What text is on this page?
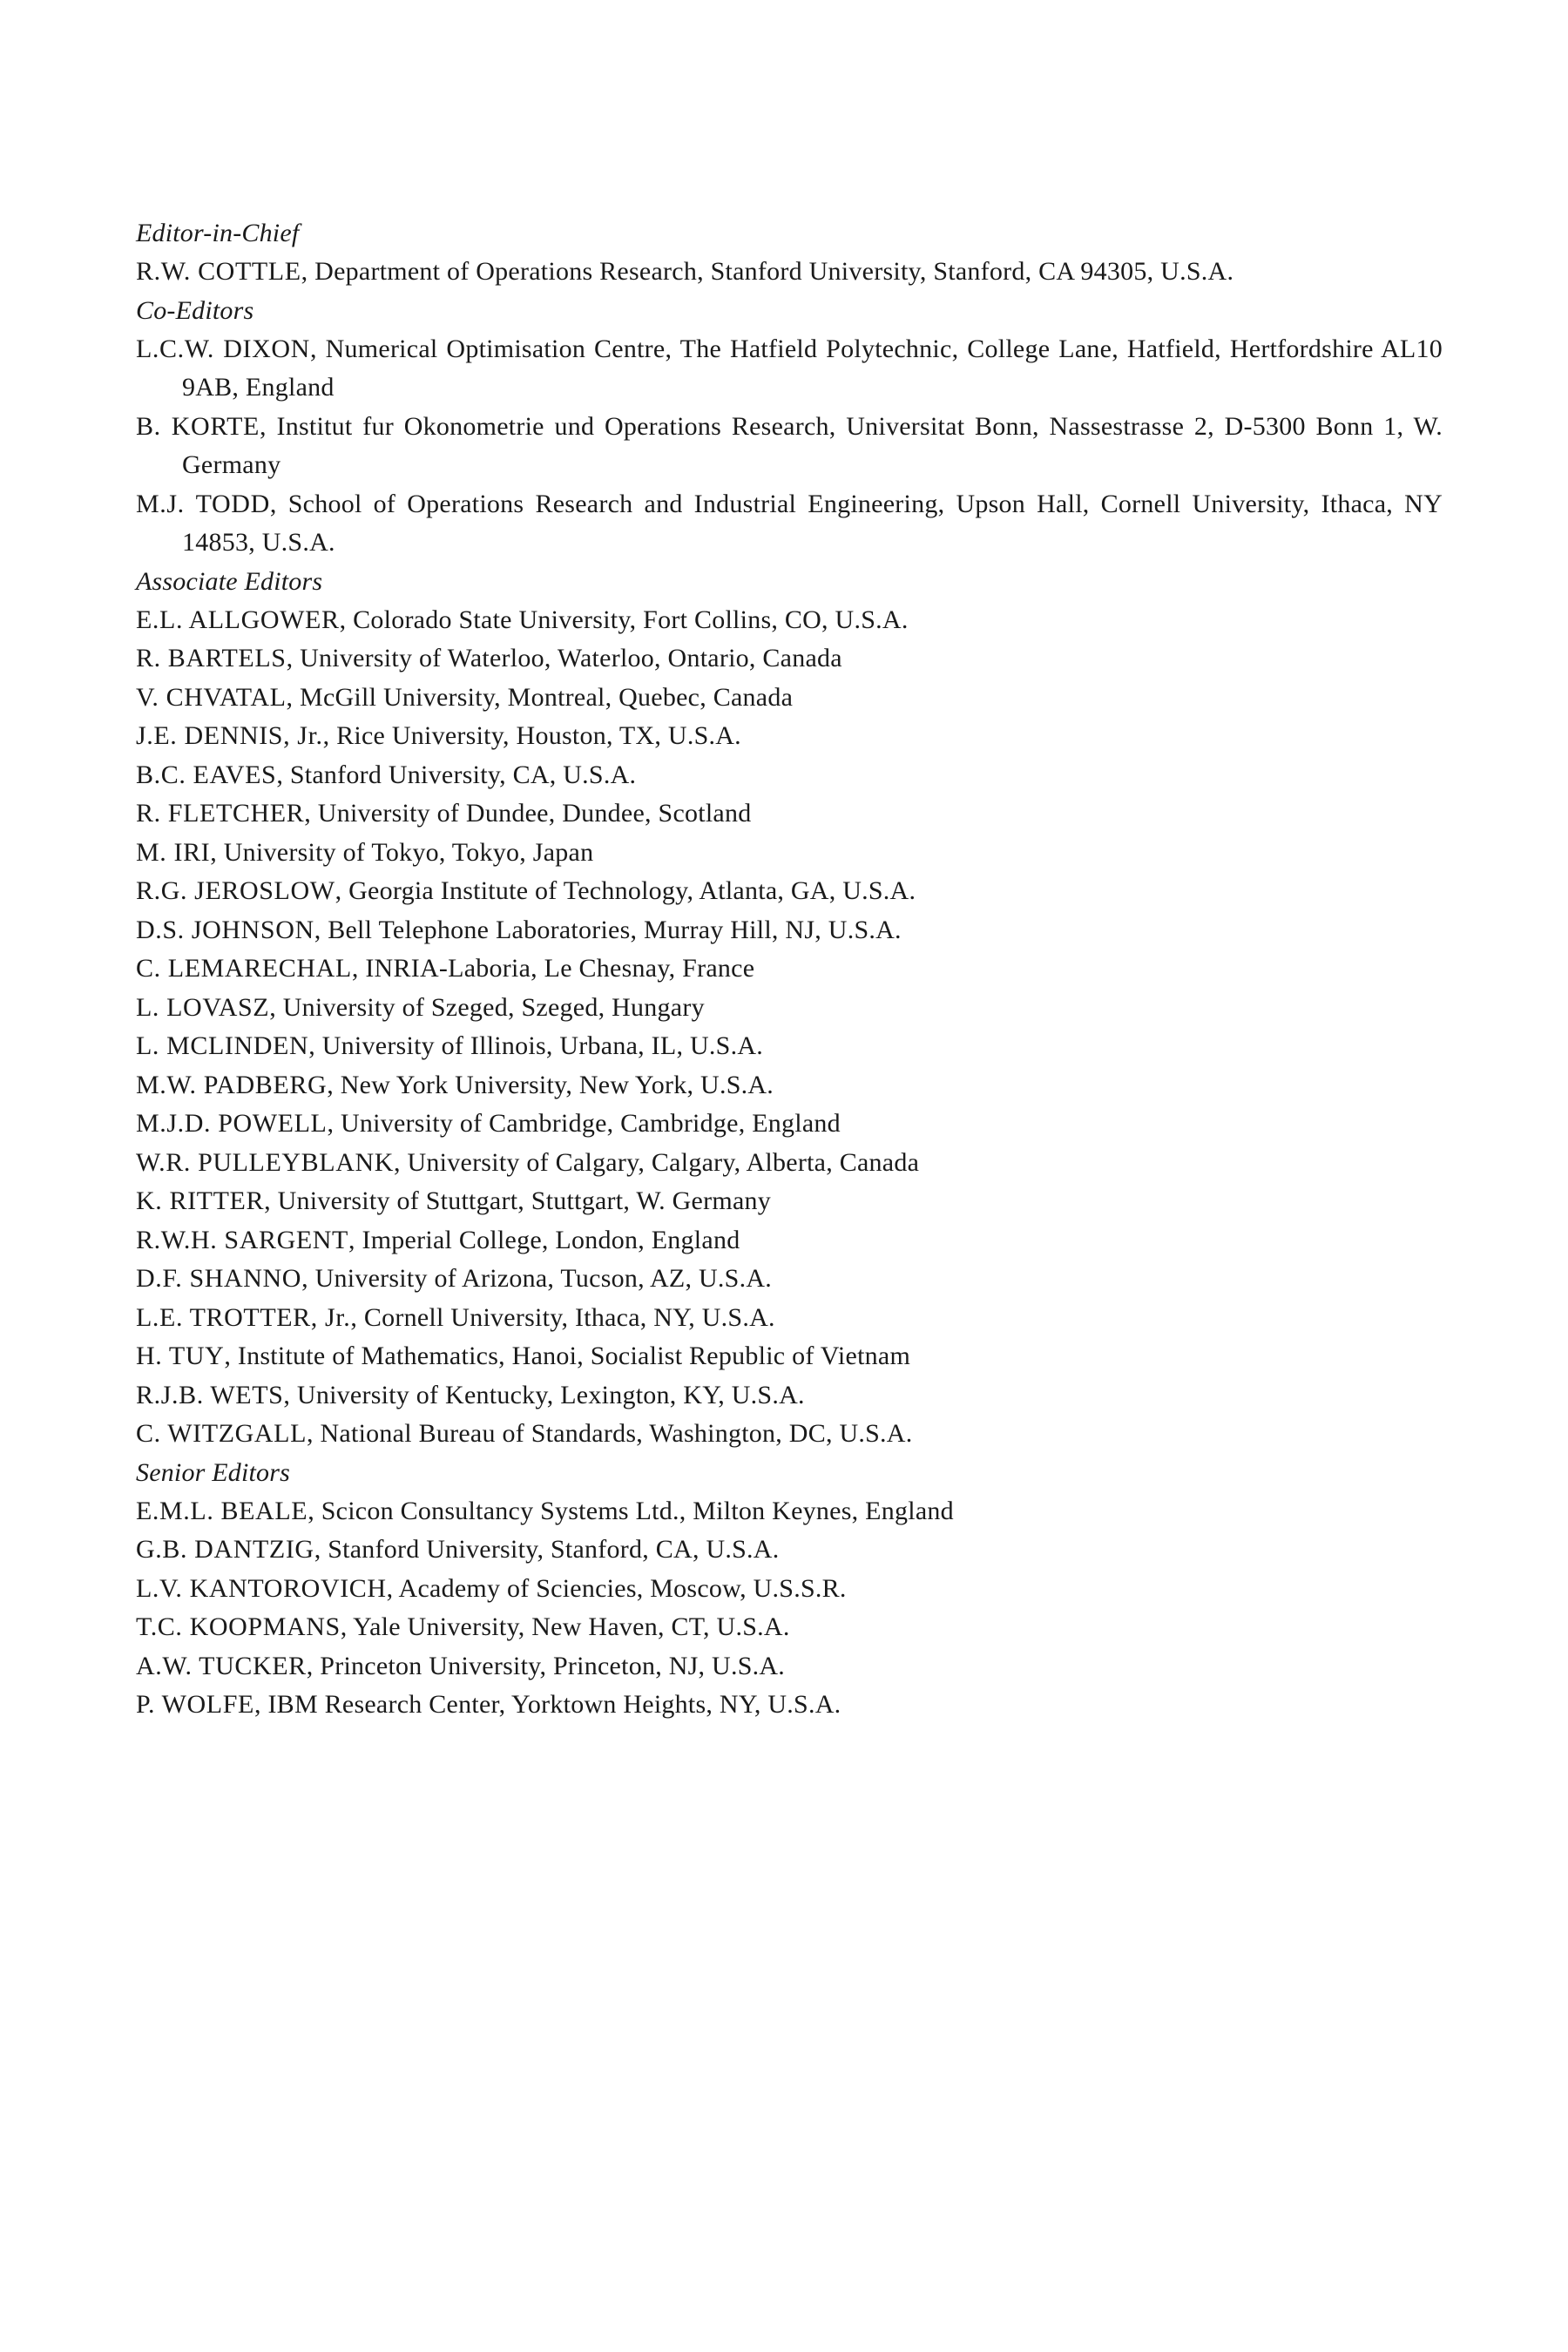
Editor-in-Chief

R.W. COTTLE, Department of Operations Research, Stanford University, Stanford, CA 94305, U.S.A.

Co-Editors

L.C.W. DIXON, Numerical Optimisation Centre, The Hatfield Polytechnic, College Lane, Hatfield, Hertfordshire AL10 9AB, England

B. KORTE, Institut fur Okonometrie und Operations Research, Universitat Bonn, Nassestrasse 2, D-5300 Bonn 1, W. Germany

M.J. TODD, School of Operations Research and Industrial Engineering, Upson Hall, Cornell University, Ithaca, NY 14853, U.S.A.

Associate Editors

E.L. ALLGOWER, Colorado State University, Fort Collins, CO, U.S.A.

R. BARTELS, University of Waterloo, Waterloo, Ontario, Canada

V. CHVATAL, McGill University, Montreal, Quebec, Canada

J.E. DENNIS, Jr., Rice University, Houston, TX, U.S.A.

B.C. EAVES, Stanford University, CA, U.S.A.

R. FLETCHER, University of Dundee, Dundee, Scotland

M. IRI, University of Tokyo, Tokyo, Japan

R.G. JEROSLOW, Georgia Institute of Technology, Atlanta, GA, U.S.A.

D.S. JOHNSON, Bell Telephone Laboratories, Murray Hill, NJ, U.S.A.

C. LEMARECHAL, INRIA-Laboria, Le Chesnay, France

L. LOVASZ, University of Szeged, Szeged, Hungary

L. MCLINDEN, University of Illinois, Urbana, IL, U.S.A.

M.W. PADBERG, New York University, New York, U.S.A.

M.J.D. POWELL, University of Cambridge, Cambridge, England

W.R. PULLEYBLANK, University of Calgary, Calgary, Alberta, Canada

K. RITTER, University of Stuttgart, Stuttgart, W. Germany

R.W.H. SARGENT, Imperial College, London, England

D.F. SHANNO, University of Arizona, Tucson, AZ, U.S.A.

L.E. TROTTER, Jr., Cornell University, Ithaca, NY, U.S.A.

H. TUY, Institute of Mathematics, Hanoi, Socialist Republic of Vietnam

R.J.B. WETS, University of Kentucky, Lexington, KY, U.S.A.

C. WITZGALL, National Bureau of Standards, Washington, DC, U.S.A.

Senior Editors

E.M.L. BEALE, Scicon Consultancy Systems Ltd., Milton Keynes, England

G.B. DANTZIG, Stanford University, Stanford, CA, U.S.A.

L.V. KANTOROVICH, Academy of Sciencies, Moscow, U.S.S.R.

T.C. KOOPMANS, Yale University, New Haven, CT, U.S.A.

A.W. TUCKER, Princeton University, Princeton, NJ, U.S.A.

P. WOLFE, IBM Research Center, Yorktown Heights, NY, U.S.A.
